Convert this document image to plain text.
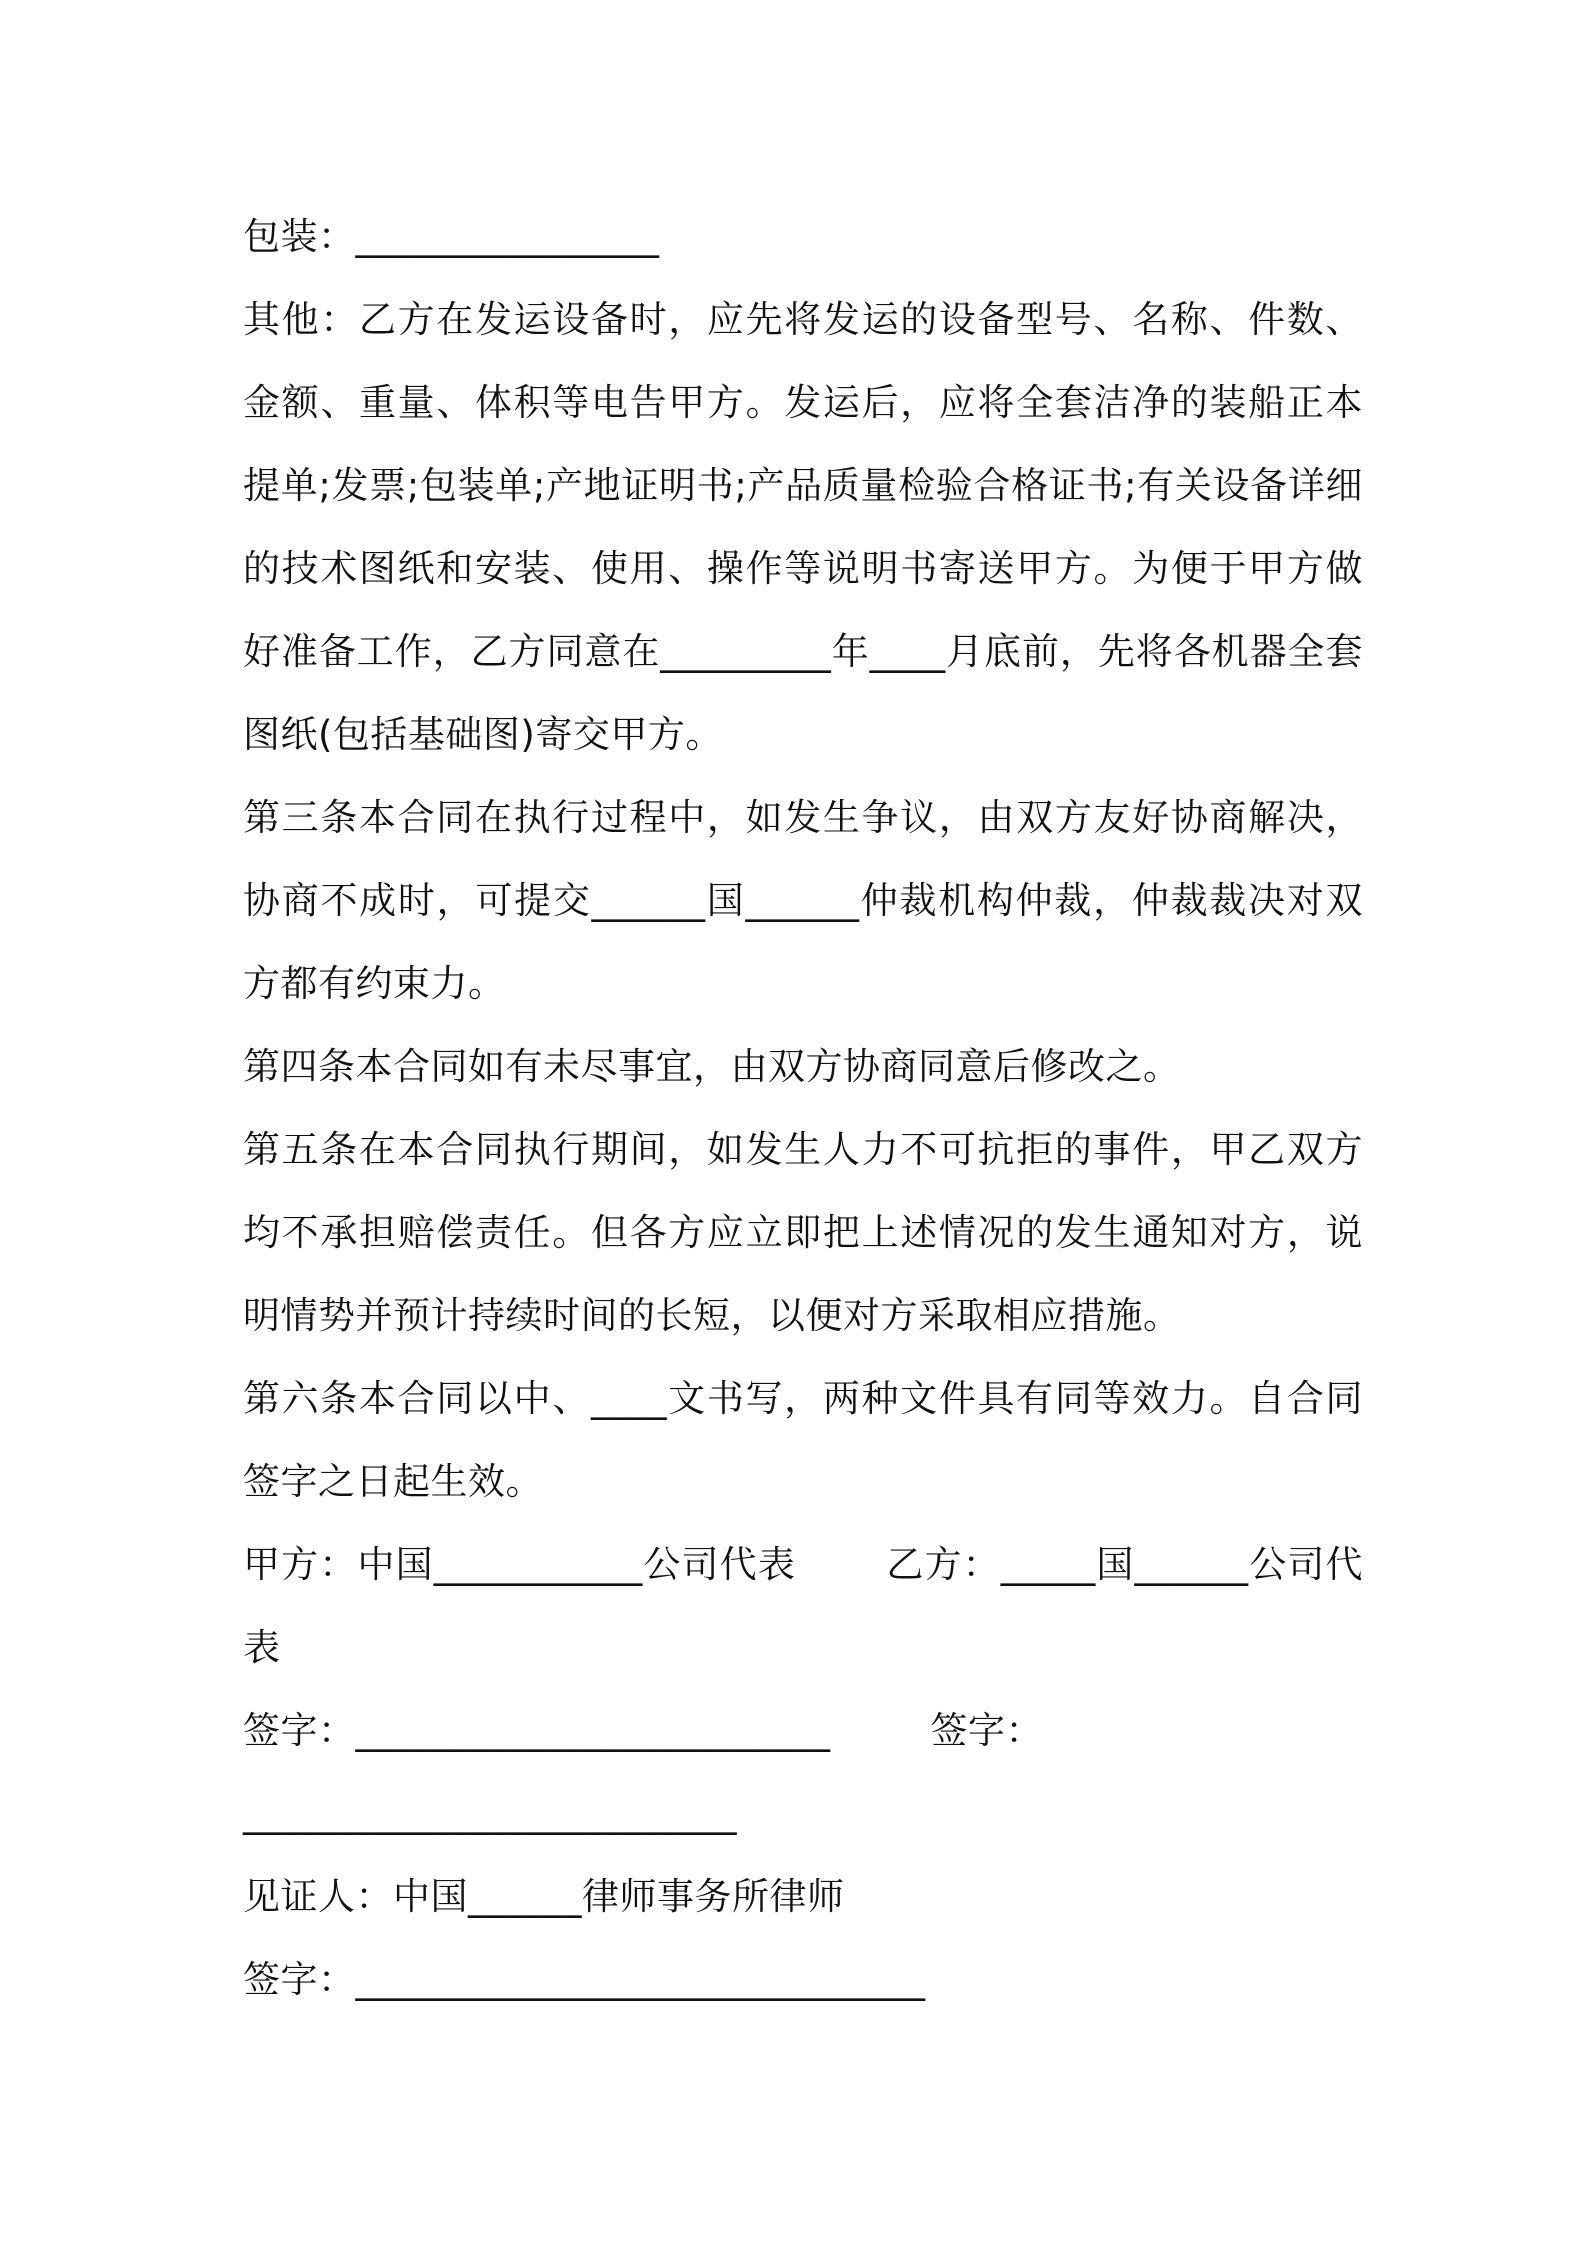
包装：________________

其他：乙方在发运设备时，应先将发运的设备型号、名称、件数、金额、重量、体积等电告甲方。发运后，应将全套洁净的装船正本提单;发票;包装单;产地证明书;产品质量检验合格证书;有关设备详细的技术图纸和安装、使用、操作等说明书寄送甲方。为便于甲方做好准备工作，乙方同意在_________年____月底前，先将各机器全套图纸(包括基础图)寄交甲方。

第三条本合同在执行过程中，如发生争议，由双方友好协商解决，协商不成时，可提交______国______仲裁机构仲裁，仲裁裁决对双方都有约束力。

第四条本合同如有未尽事宜，由双方协商同意后修改之。

第五条在本合同执行期间，如发生人力不可抗拒的事件，甲乙双方均不承担赔偿责任。但各方应立即把上述情况的发生通知对方，说明情势并预计持续时间的长短，以便对方采取相应措施。

第六条本合同以中、____文书写，两种文件具有同等效力。自合同签字之日起生效。

甲方：中国___________公司代表 乙方：_____国______公司代表

签字：_________________________	签字：

__________________________

见证人：中国______律师事务所律师

签字：______________________________
